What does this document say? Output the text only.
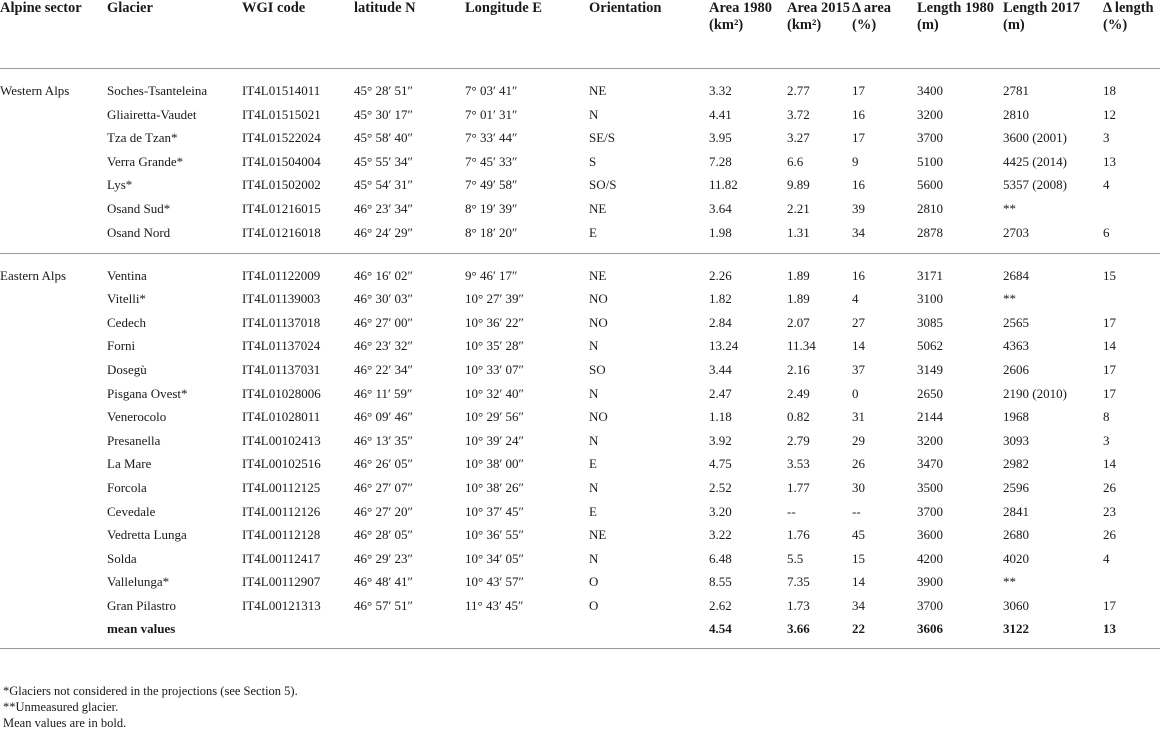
Alpine sector	Glacier	WGI code	latitude N	Longitude E	Orientation	Area 1980 (km²)	Area 2015 (km²)	Δ area (%)	Length 1980 (m)	Length 2017 (m)	Δ length (%)
Western Alps	Soches-Tsanteleina	IT4L01514011	45° 28′ 51″	7° 03′ 41″	NE	3.32	2.77	17	3400	2781	18
	Gliairetta-Vaudet	IT4L01515021	45° 30′ 17″	7° 01′ 31″	N	4.41	3.72	16	3200	2810	12
	Tza de Tzan*	IT4L01522024	45° 58′ 40″	7° 33′ 44″	SE/S	3.95	3.27	17	3700	3600 (2001)	3
	Verra Grande*	IT4L01504004	45° 55′ 34″	7° 45′ 33″	S	7.28	6.6	9	5100	4425 (2014)	13
	Lys*	IT4L01502002	45° 54′ 31″	7° 49′ 58″	SO/S	11.82	9.89	16	5600	5357 (2008)	4
	Osand Sud*	IT4L01216015	46° 23′ 34″	8° 19′ 39″	NE	3.64	2.21	39	2810	**	
	Osand Nord	IT4L01216018	46° 24′ 29″	8° 18′ 20″	E	1.98	1.31	34	2878	2703	6
Eastern Alps	Ventina	IT4L01122009	46° 16′ 02″	9° 46′ 17″	NE	2.26	1.89	16	3171	2684	15
	Vitelli*	IT4L01139003	46° 30′ 03″	10° 27′ 39″	NO	1.82	1.89	4	3100	**	
	Cedech	IT4L01137018	46° 27′ 00″	10° 36′ 22″	NO	2.84	2.07	27	3085	2565	17
	Forni	IT4L01137024	46° 23′ 32″	10° 35′ 28″	N	13.24	11.34	14	5062	4363	14
	Dosegù	IT4L01137031	46° 22′ 34″	10° 33′ 07″	SO	3.44	2.16	37	3149	2606	17
	Pisgana Ovest*	IT4L01028006	46° 11′ 59″	10° 32′ 40″	N	2.47	2.49	0	2650	2190 (2010)	17
	Venerocolo	IT4L01028011	46° 09′ 46″	10° 29′ 56″	NO	1.18	0.82	31	2144	1968	8
	Presanella	IT4L00102413	46° 13′ 35″	10° 39′ 24″	N	3.92	2.79	29	3200	3093	3
	La Mare	IT4L00102516	46° 26′ 05″	10° 38′ 00″	E	4.75	3.53	26	3470	2982	14
	Forcola	IT4L00112125	46° 27′ 07″	10° 38′ 26″	N	2.52	1.77	30	3500	2596	26
	Cevedale	IT4L00112126	46° 27′ 20″	10° 37′ 45″	E	3.20	--	--	3700	2841	23
	Vedretta Lunga	IT4L00112128	46° 28′ 05″	10° 36′ 55″	NE	3.22	1.76	45	3600	2680	26
	Solda	IT4L00112417	46° 29′ 23″	10° 34′ 05″	N	6.48	5.5	15	4200	4020	4
	Vallelunga*	IT4L00112907	46° 48′ 41″	10° 43′ 57″	O	8.55	7.35	14	3900	**	
	Gran Pilastro	IT4L00121313	46° 57′ 51″	11° 43′ 45″	O	2.62	1.73	34	3700	3060	17
	mean values					4.54	3.66	22	3606	3122	13
*Glaciers not considered in the projections (see Section 5).
**Unmeasured glacier.
Mean values are in bold.
